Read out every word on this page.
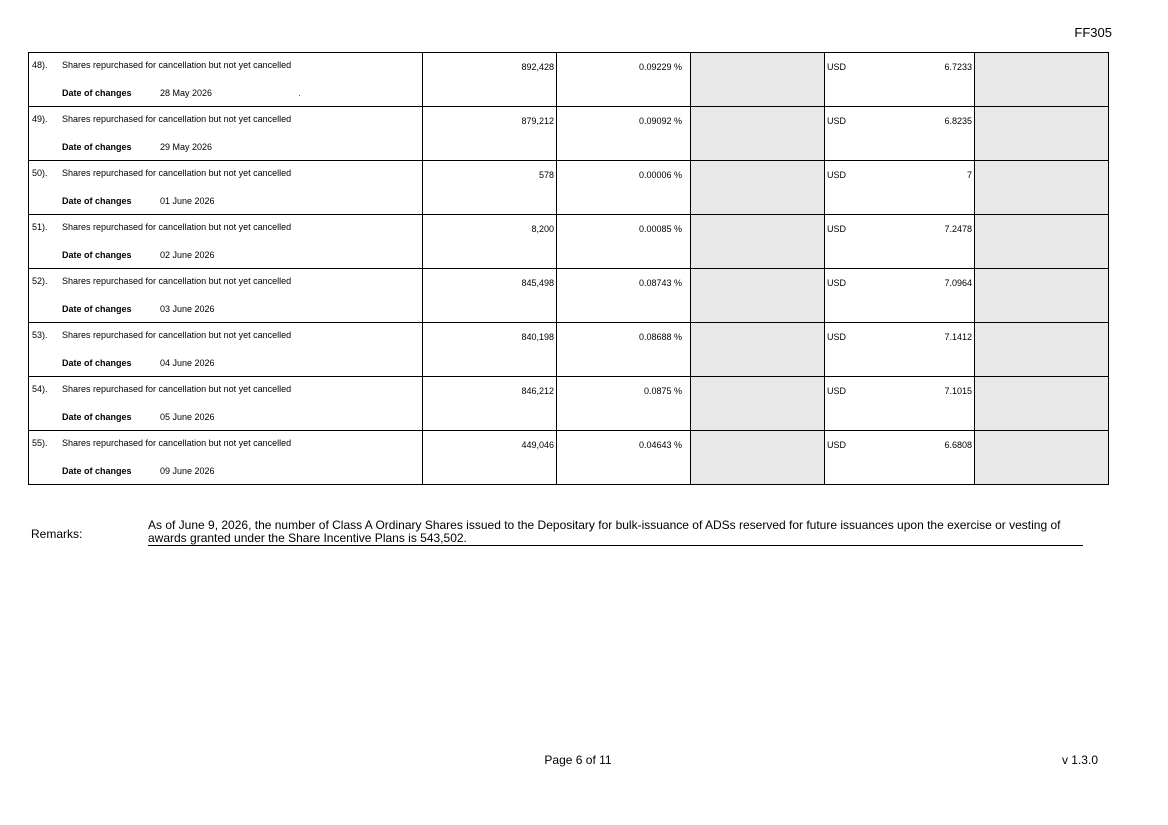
FF305
48). Shares repurchased for cancellation but not yet cancelled
Date of changes 28 May 2026	892,428	0.09229 %		USD 6.7233	

49). Shares repurchased for cancellation but not yet cancelled
Date of changes 29 May 2026	879,212	0.09092 %		USD 6.8235	

50). Shares repurchased for cancellation but not yet cancelled
Date of changes 01 June 2026	578	0.00006 %		USD 7	

51). Shares repurchased for cancellation but not yet cancelled
Date of changes 02 June 2026	8,200	0.00085 %		USD 7.2478	

52). Shares repurchased for cancellation but not yet cancelled
Date of changes 03 June 2026	845,498	0.08743 %		USD 7.0964	

53). Shares repurchased for cancellation but not yet cancelled
Date of changes 04 June 2026	840,198	0.08688 %		USD 7.1412	

54). Shares repurchased for cancellation but not yet cancelled
Date of changes 05 June 2026	846,212	0.0875 %		USD 7.1015	

55). Shares repurchased for cancellation but not yet cancelled
Date of changes 09 June 2026	449,046	0.04643 %		USD 6.6808	

Remarks:
As of June 9, 2026, the number of Class A Ordinary Shares issued to the Depositary for bulk-issuance of ADSs reserved for future issuances upon the exercise or vesting of awards granted under the Share Incentive Plans is 543,502.
Page 6 of 11	v 1.3.0
